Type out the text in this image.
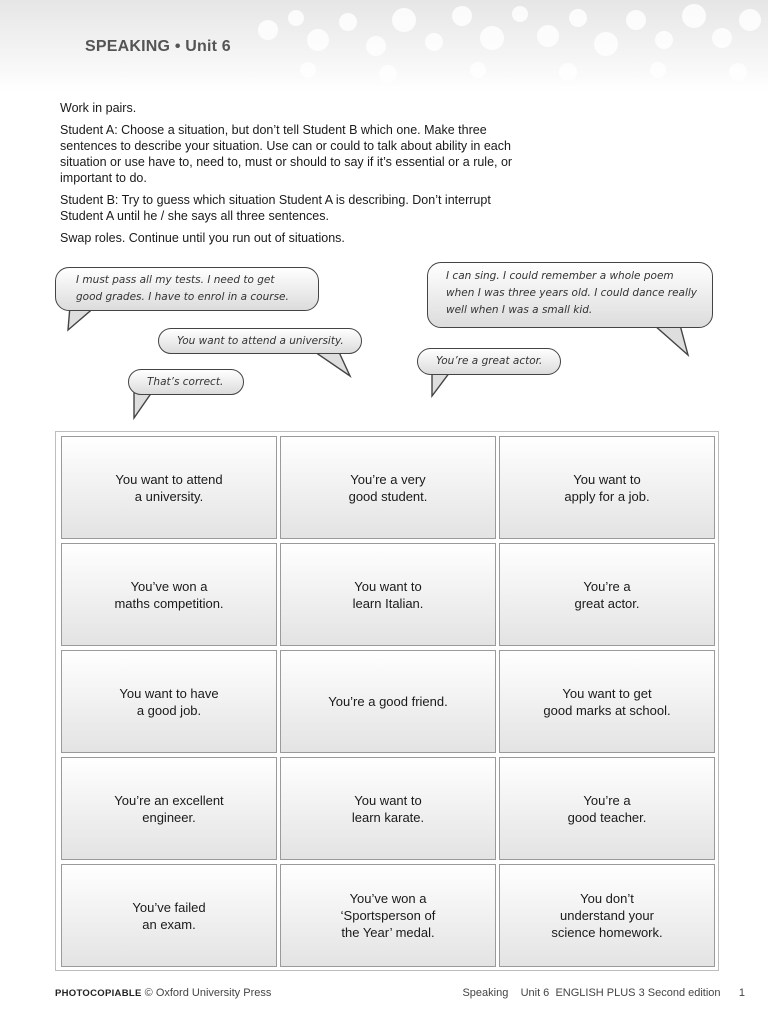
SPEAKING • Unit 6

Work in pairs.

Student A: Choose a situation, but don’t tell Student B which one. Make three sentences to describe your situation. Use can or could to talk about ability in each situation or use have to, need to, must or should to say if it’s essential or a rule, or important to do.

Student B: Try to guess which situation Student A is describing. Don’t interrupt Student A until he / she says all three sentences.

Swap roles. Continue until you run out of situations.

I must pass all my tests. I need to get good grades. I have to enrol in a course.
You want to attend a university.
That’s correct.
I can sing. I could remember a whole poem when I was three years old. I could dance really well when I was a small kid.
You’re a great actor.
You want to attend
a university.
You’re a very
good student.
You want to
apply for a job.
You’ve won a
maths competition.
You want to
learn Italian.
You’re a
great actor.
You want to have
a good job.
You’re a good friend.
You want to get
good marks at school.
You’re an excellent
engineer.
You want to
learn karate.
You’re a
good teacher.
You’ve failed
an exam.
You’ve won a
‘Sportsperson of
the Year’ medal.
You don’t
understand your
science homework.
PHOTOCOPIABLE © Oxford University Press	Speaking Unit 6 ENGLISH PLUS 3 Second edition 1
